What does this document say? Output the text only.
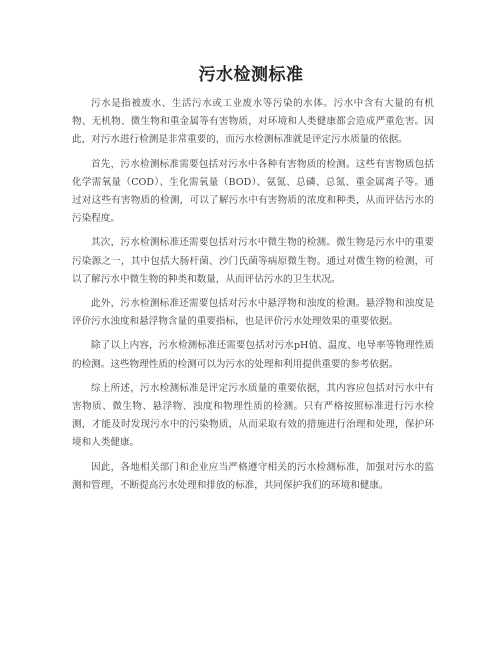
污水检测标准

污水是指被废水、生活污水或工业废水等污染的水体。污水中含有大量的有机物、无机物、微生物和重金属等有害物质，对环境和人类健康都会造成严重危害。因此，对污水进行检测是非常重要的，而污水检测标准就是评定污水质量的依据。

首先，污水检测标准需要包括对污水中各种有害物质的检测。这些有害物质包括化学需氧量（COD）、生化需氧量（BOD）、氨氮、总磷、总氮、重金属离子等。通过对这些有害物质的检测，可以了解污水中有害物质的浓度和种类，从而评估污水的污染程度。

其次，污水检测标准还需要包括对污水中微生物的检测。微生物是污水中的重要污染源之一，其中包括大肠杆菌、沙门氏菌等病原微生物。通过对微生物的检测，可以了解污水中微生物的种类和数量，从而评估污水的卫生状况。

此外，污水检测标准还需要包括对污水中悬浮物和浊度的检测。悬浮物和浊度是评价污水浊度和悬浮物含量的重要指标，也是评价污水处理效果的重要依据。

除了以上内容，污水检测标准还需要包括对污水pH值、温度、电导率等物理性质的检测。这些物理性质的检测可以为污水的处理和利用提供重要的参考依据。

综上所述，污水检测标准是评定污水质量的重要依据，其内容应包括对污水中有害物质、微生物、悬浮物、浊度和物理性质的检测。只有严格按照标准进行污水检测，才能及时发现污水中的污染物质，从而采取有效的措施进行治理和处理，保护环境和人类健康。

因此，各地相关部门和企业应当严格遵守相关的污水检测标准，加强对污水的监测和管理，不断提高污水处理和排放的标准，共同保护我们的环境和健康。
